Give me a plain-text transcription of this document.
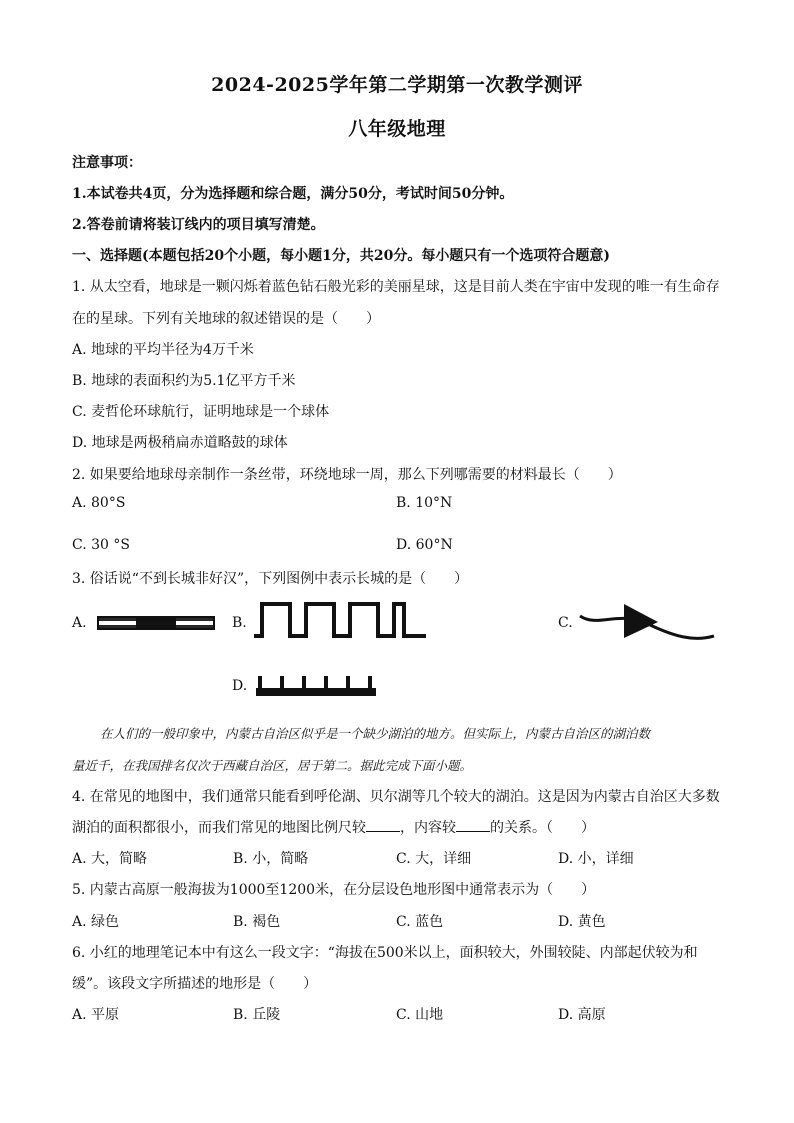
2024-2025学年第二学期第一次教学测评
八年级地理
注意事项：
1.本试卷共4页，分为选择题和综合题，满分50分，考试时间50分钟。
2.答卷前请将装订线内的项目填写清楚。
一、选择题(本题包括20个小题，每小题1分，共20分。每小题只有一个选项符合题意)
1. 从太空看，地球是一颗闪烁着蓝色钻石般光彩的美丽星球，这是目前人类在宇宙中发现的唯一有生命存
在的星球。下列有关地球的叙述错误的是（　　）
A. 地球的平均半径为4万千米
B. 地球的表面积约为5.1亿平方千米
C. 麦哲伦环球航行，证明地球是一个球体
D. 地球是两极稍扁赤道略鼓的球体
2. 如果要给地球母亲制作一条丝带，环绕地球一周，那么下列哪需要的材料最长（　　）
A. 80°S	B. 10°N
C. 30 °S	D. 60°N
3. 俗话说“不到长城非好汉”，下列图例中表示长城的是（　　）
A.	B.	C.
D.
在人们的一般印象中，内蒙古自治区似乎是一个缺少湖泊的地方。但实际上，内蒙古自治区的湖泊数
量近千，在我国排名仅次于西藏自治区，居于第二。据此完成下面小题。
4. 在常见的地图中，我们通常只能看到呼伦湖、贝尔湖等几个较大的湖泊。这是因为内蒙古自治区大多数
湖泊的面积都很小，而我们常见的地图比例尺较 ，内容较 的关系。（　　）
A. 大，简略	B. 小，简略	C. 大，详细	D. 小，详细
5. 内蒙古高原一般海拔为1000至1200米，在分层设色地形图中通常表示为（　　）
A. 绿色	B. 褐色	C. 蓝色	D. 黄色
6. 小红的地理笔记本中有这么一段文字：“海拔在500米以上，面积较大，外围较陡、内部起伏较为和
缓”。该段文字所描述的地形是（　　）
A. 平原	B. 丘陵	C. 山地	D. 高原
